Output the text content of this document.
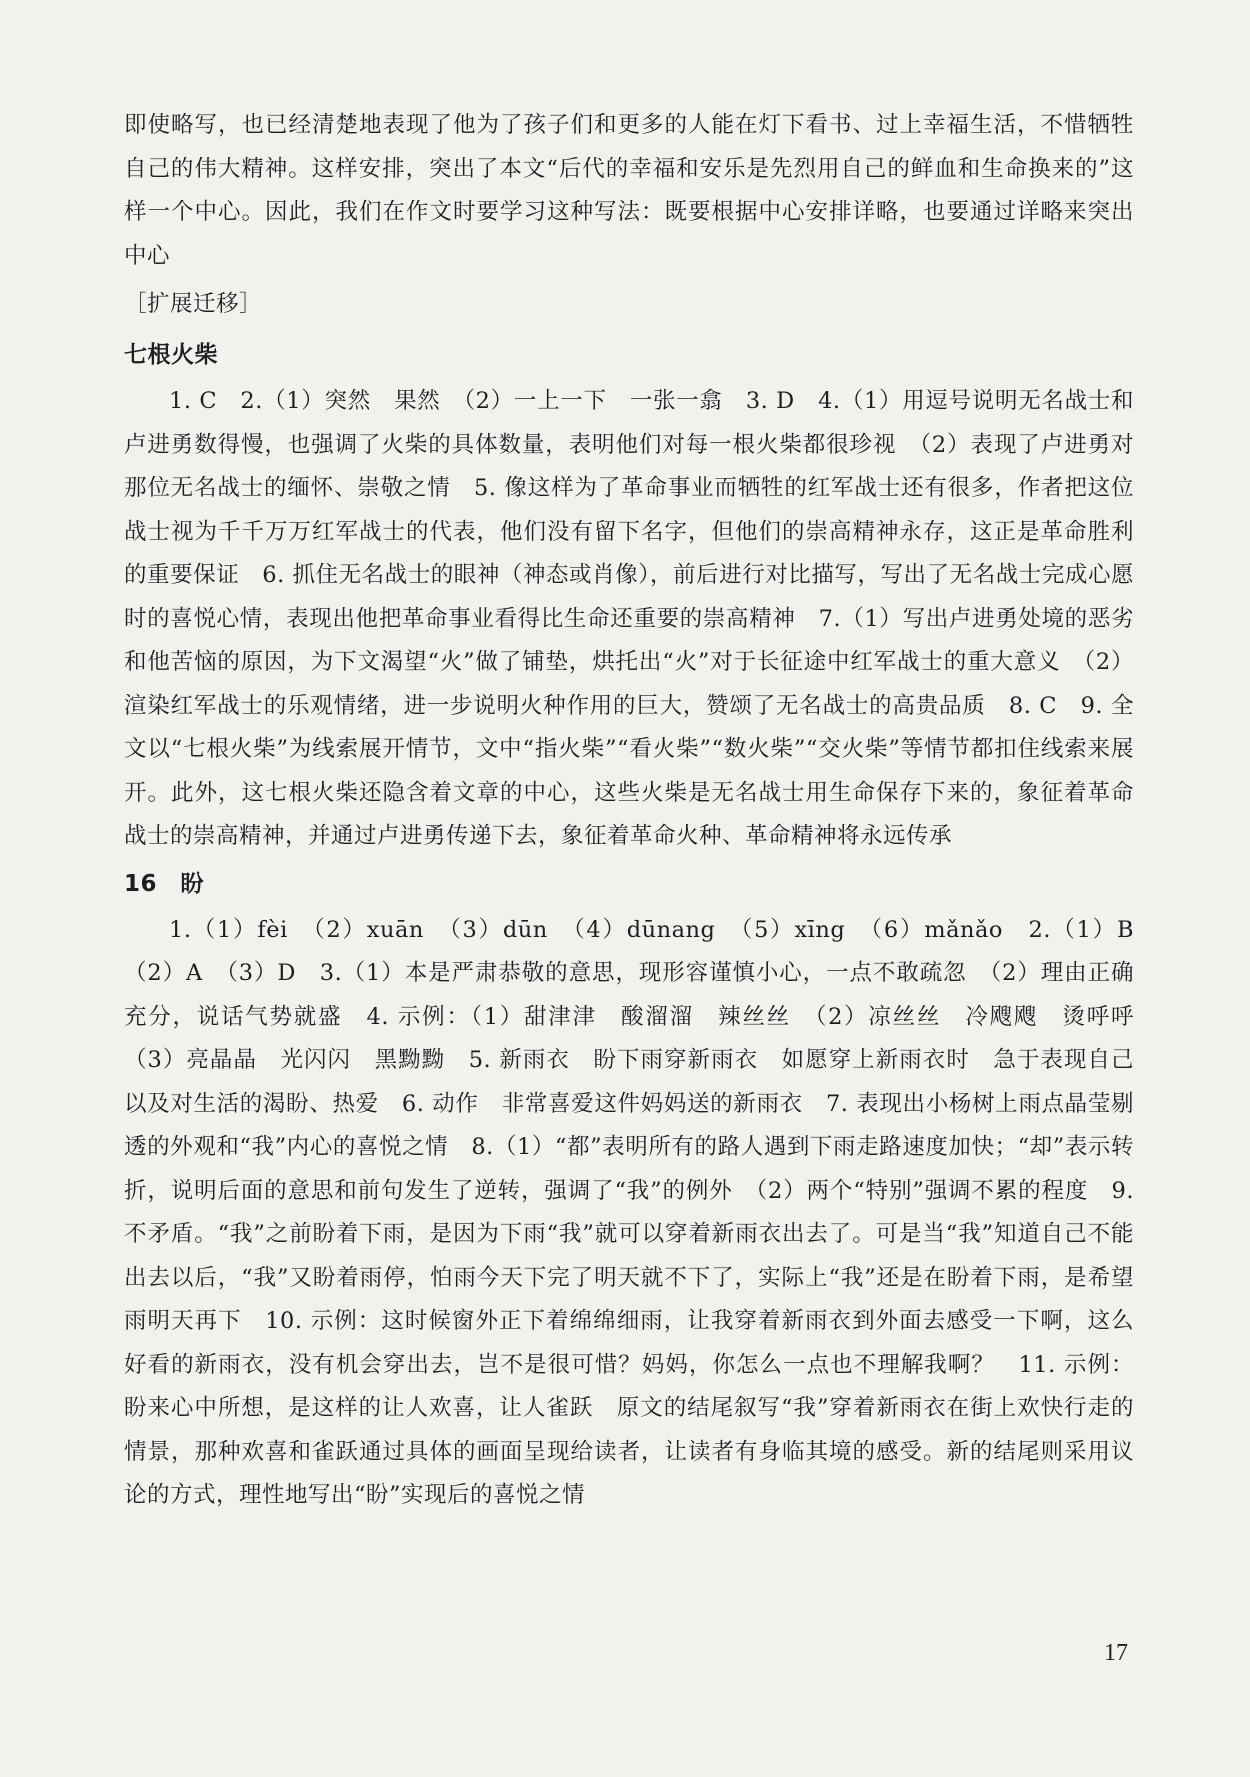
即使略写，也已经清楚地表现了他为了孩子们和更多的人能在灯下看书、过上幸福生活，不惜牺牲自己的伟大精神。这样安排，突出了本文“后代的幸福和安乐是先烈用自己的鲜血和生命换来的”这样一个中心。因此，我们在作文时要学习这种写法：既要根据中心安排详略，也要通过详略来突出中心

［扩展迁移］

七根火柴

1. C　2.（1）突然　果然　（2）一上一下　一张一翕　3. D　4.（1）用逗号说明无名战士和卢进勇数得慢，也强调了火柴的具体数量，表明他们对每一根火柴都很珍视　（2）表现了卢进勇对那位无名战士的缅怀、崇敬之情　5. 像这样为了革命事业而牺牲的红军战士还有很多，作者把这位战士视为千千万万红军战士的代表，他们没有留下名字，但他们的崇高精神永存，这正是革命胜利的重要保证　6. 抓住无名战士的眼神（神态或肖像），前后进行对比描写，写出了无名战士完成心愿时的喜悦心情，表现出他把革命事业看得比生命还重要的崇高精神　7.（1）写出卢进勇处境的恶劣和他苦恼的原因，为下文渴望“火”做了铺垫，烘托出“火”对于长征途中红军战士的重大意义　（2）渲染红军战士的乐观情绪，进一步说明火种作用的巨大，赞颂了无名战士的高贵品质　8. C　9. 全文以“七根火柴”为线索展开情节，文中“指火柴”“看火柴”“数火柴”“交火柴”等情节都扣住线索来展开。此外，这七根火柴还隐含着文章的中心，这些火柴是无名战士用生命保存下来的，象征着革命战士的崇高精神，并通过卢进勇传递下去，象征着革命火种、革命精神将永远传承

16　盼

1.（1）fèi　（2）xuān　（3）dūn　（4）dūnang　（5）xīng　（6）mǎnǎo　2.（1）B　（2）A　（3）D　3.（1）本是严肃恭敬的意思，现形容谨慎小心，一点不敢疏忽　（2）理由正确充分，说话气势就盛　4. 示例：（1）甜津津　酸溜溜　辣丝丝　（2）凉丝丝　冷飕飕　烫呼呼　（3）亮晶晶　光闪闪　黑黝黝　5. 新雨衣　盼下雨穿新雨衣　如愿穿上新雨衣时　急于表现自己以及对生活的渴盼、热爱　6. 动作　非常喜爱这件妈妈送的新雨衣　7. 表现出小杨树上雨点晶莹剔透的外观和“我”内心的喜悦之情　8.（1）“都”表明所有的路人遇到下雨走路速度加快；“却”表示转折，说明后面的意思和前句发生了逆转，强调了“我”的例外　（2）两个“特别”强调不累的程度　9. 不矛盾。“我”之前盼着下雨，是因为下雨“我”就可以穿着新雨衣出去了。可是当“我”知道自己不能出去以后，“我”又盼着雨停，怕雨今天下完了明天就不下了，实际上“我”还是在盼着下雨，是希望雨明天再下　10. 示例：这时候窗外正下着绵绵细雨，让我穿着新雨衣到外面去感受一下啊，这么好看的新雨衣，没有机会穿出去，岂不是很可惜？妈妈，你怎么一点也不理解我啊？　11. 示例：盼来心中所想，是这样的让人欢喜，让人雀跃　原文的结尾叙写“我”穿着新雨衣在街上欢快行走的情景，那种欢喜和雀跃通过具体的画面呈现给读者，让读者有身临其境的感受。新的结尾则采用议论的方式，理性地写出“盼”实现后的喜悦之情

17
